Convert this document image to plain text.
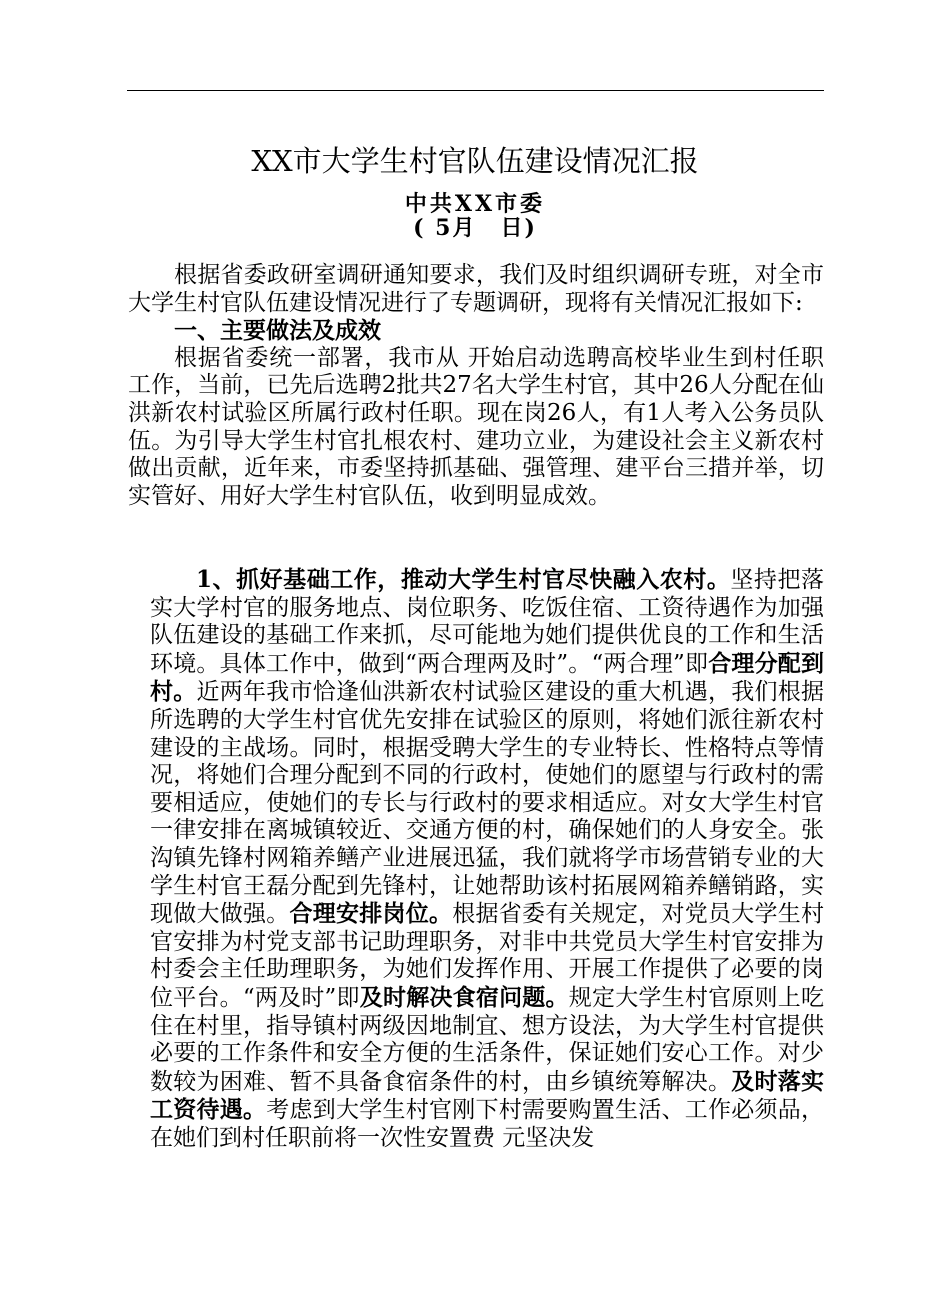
XX市大学生村官队伍建设情况汇报
中共XX市委
( 5月　日)

根据省委政研室调研通知要求，我们及时组织调研专班，对全市大学生村官队伍建设情况进行了专题调研，现将有关情况汇报如下:

一、主要做法及成效

根据省委统一部署，我市从 开始启动选聘高校毕业生到村任职工作，当前，已先后选聘2批共27名大学生村官，其中26人分配在仙洪新农村试验区所属行政村任职。现在岗26人，有1人考入公务员队伍。为引导大学生村官扎根农村、建功立业，为建设社会主义新农村做出贡献，近年来，市委坚持抓基础、强管理、建平台三措并举，切实管好、用好大学生村官队伍，收到明显成效。

1、抓好基础工作，推动大学生村官尽快融入农村。坚持把落实大学村官的服务地点、岗位职务、吃饭住宿、工资待遇作为加强队伍建设的基础工作来抓，尽可能地为她们提供优良的工作和生活环境。具体工作中，做到“两合理两及时”。“两合理”即合理分配到村。近两年我市恰逢仙洪新农村试验区建设的重大机遇，我们根据所选聘的大学生村官优先安排在试验区的原则，将她们派往新农村建设的主战场。同时，根据受聘大学生的专业特长、性格特点等情况，将她们合理分配到不同的行政村，使她们的愿望与行政村的需要相适应，使她们的专长与行政村的要求相适应。对女大学生村官一律安排在离城镇较近、交通方便的村，确保她们的人身安全。张沟镇先锋村网箱养鳝产业进展迅猛，我们就将学市场营销专业的大学生村官王磊分配到先锋村，让她帮助该村拓展网箱养鳝销路，实现做大做强。合理安排岗位。根据省委有关规定，对党员大学生村官安排为村党支部书记助理职务，对非中共党员大学生村官安排为村委会主任助理职务，为她们发挥作用、开展工作提供了必要的岗位平台。“两及时”即及时解决食宿问题。规定大学生村官原则上吃住在村里，指导镇村两级因地制宜、想方设法，为大学生村官提供必要的工作条件和安全方便的生活条件，保证她们安心工作。对少数较为困难、暂不具备食宿条件的村，由乡镇统筹解决。及时落实工资待遇。考虑到大学生村官刚下村需要购置生活、工作必须品，在她们到村任职前将一次性安置费 元坚决发
